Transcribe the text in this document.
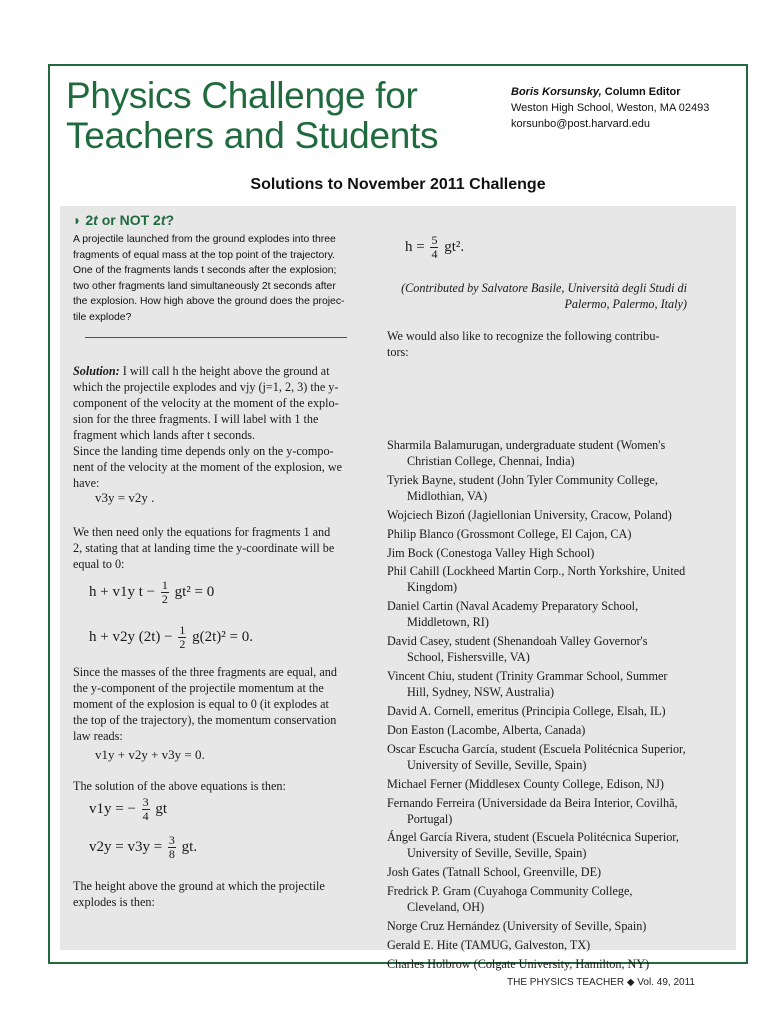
Physics Challenge for
Teachers and Students
Boris Korsunsky, Column Editor
Weston High School, Weston, MA 02493
korsunbo@post.harvard.edu
Solutions to November 2011 Challenge
◗ 2t or NOT 2t?
A projectile launched from the ground explodes into three
fragments of equal mass at the top point of the trajectory.
One of the fragments lands t seconds after the explosion;
two other fragments land simultaneously 2t seconds after
the explosion. How high above the ground does the projec-
tile explode?
Solution: I will call h the height above the ground at
which the projectile explodes and vjy (j=1, 2, 3) the y-
component of the velocity at the moment of the explo-
sion for the three fragments. I will label with 1 the
fragment which lands after t seconds.
Since the landing time depends only on the y-compo-
nent of the velocity at the moment of the explosion, we
have:
v3y = v2y .
We then need only the equations for fragments 1 and
2, stating that at landing time the y-coordinate will be
equal to 0:
h + v1y $t - \frac{1}{2} gt^2 = 0$
h + v2y $(2t) - \frac{1}{2} g(2t)^2 = 0$.
Since the masses of the three fragments are equal, and
the y-component of the projectile momentum at the
moment of the explosion is equal to 0 (it explodes at
the top of the trajectory), the momentum conservation
law reads:
v1y + v2y + v3y = 0.
The solution of the above equations is then:
v1y = − $\frac{3}{4}$ gt
$v2y = v3y = \frac{3}{8}$ gt.
The height above the ground at which the projectile
explodes is then:
$h = \frac{5}{4} gt^2$.
(Contributed by Salvatore Basile, Università degli Studi di
Palermo, Palermo, Italy)
We would also like to recognize the following contribu-
tors:
Sharmila Balamurugan, undergraduate student (Women's Christian College, Chennai, India)
Tyriek Bayne, student (John Tyler Community College, Midlothian, VA)
Wojciech Bizoń (Jagiellonian University, Cracow, Poland)
Philip Blanco (Grossmont College, El Cajon, CA)
Jim Bock (Conestoga Valley High School)
Phil Cahill (Lockheed Martin Corp., North Yorkshire, United Kingdom)
Daniel Cartin (Naval Academy Preparatory School, Middletown, RI)
David Casey, student (Shenandoah Valley Governor's School, Fishersville, VA)
Vincent Chiu, student (Trinity Grammar School, Summer Hill, Sydney, NSW, Australia)
David A. Cornell, emeritus (Principia College, Elsah, IL)
Don Easton (Lacombe, Alberta, Canada)
Oscar Escucha García, student (Escuela Politécnica Superior, University of Seville, Seville, Spain)
Michael Ferner (Middlesex County College, Edison, NJ)
Fernando Ferreira (Universidade da Beira Interior, Covilhã, Portugal)
Ángel García Rivera, student (Escuela Politécnica Superior, University of Seville, Seville, Spain)
Josh Gates (Tatnall School, Greenville, DE)
Fredrick P. Gram (Cuyahoga Community College, Cleveland, OH)
Norge Cruz Hernández (University of Seville, Spain)
Gerald E. Hite (TAMUG, Galveston, TX)
Charles Holbrow (Colgate University, Hamilton, NY)
THE PHYSICS TEACHER ◆ Vol. 49, 2011
